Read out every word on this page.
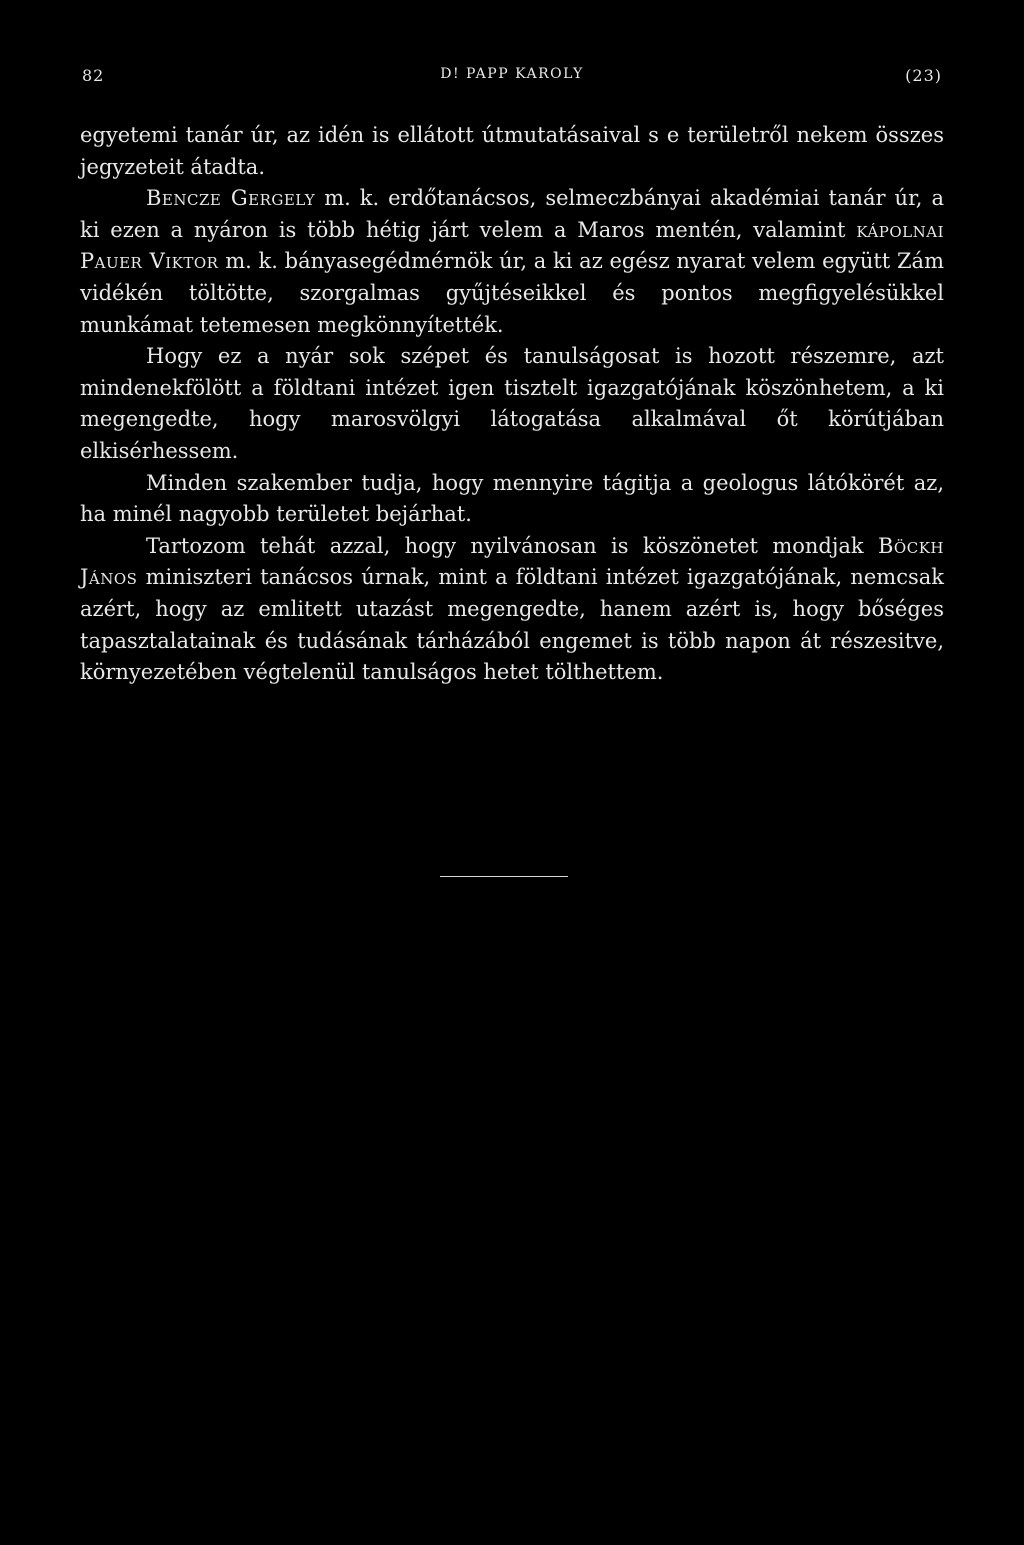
82	D! PAPP KAROLY	(23)

egyetemi tanár úr, az idén is ellátott útmutatásaival s e területről nekem összes jegyzeteit átadta.

Bencze Gergely m. k. erdőtanácsos, selmeczbányai akadémiai tanár úr, a ki ezen a nyáron is több hétig járt velem a Maros mentén, valamint kápolnai Pauer Viktor m. k. bányasegédmérnök úr, a ki az egész nyarat velem együtt Zám vidékén töltötte, szorgalmas gyűjtéseikkel és pontos megfigyelésükkel munkámat tetemesen megkönnyítették.

Hogy ez a nyár sok szépet és tanulságosat is hozott részemre, azt mindenekfölött a földtani intézet igen tisztelt igazgatójának köszönhetem, a ki megengedte, hogy marosvölgyi látogatása alkalmával őt körútjában elkisérhessem.

Minden szakember tudja, hogy mennyire tágitja a geologus látókörét az, ha minél nagyobb területet bejárhat.

Tartozom tehát azzal, hogy nyilvánosan is köszönetet mondjak Böckh János miniszteri tanácsos úrnak, mint a földtani intézet igazgatójának, nemcsak azért, hogy az emlitett utazást megengedte, hanem azért is, hogy bőséges tapasztalatainak és tudásának tárházából engemet is több napon át részesitve, környezetében végtelenül tanulságos hetet tölthettem.
